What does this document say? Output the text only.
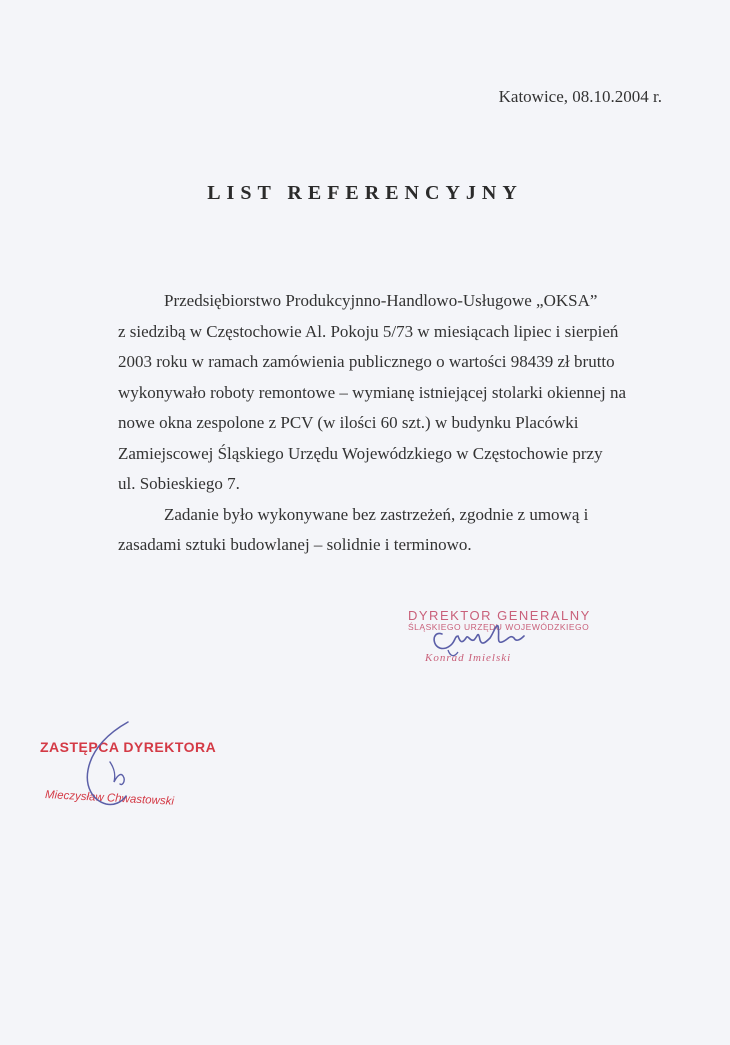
Katowice, 08.10.2004 r.
LIST REFERENCYJNY

Przedsiębiorstwo Produkcyjnno-Handlowo-Usługowe „OKSA”

z siedzibą w Częstochowie Al. Pokoju 5/73 w miesiącach lipiec i sierpień

2003 roku w ramach zamówienia publicznego o wartości 98439 zł brutto

wykonywało roboty remontowe – wymianę istniejącej stolarki okiennej na

nowe okna zespolone z PCV (w ilości 60 szt.) w budynku Placówki

Zamiejscowej Śląskiego Urzędu Wojewódzkiego w Częstochowie przy

ul. Sobieskiego 7.

Zadanie było wykonywane bez zastrzeżeń, zgodnie z umową i

zasadami sztuki budowlanej – solidnie i terminowo.

DYREKTOR GENERALNY
ŚLĄSKIEGO URZĘDU WOJEWÓDZKIEGO
Konrad Imielski
ZASTĘPCA DYREKTORA
Mieczysław Chwastowski
